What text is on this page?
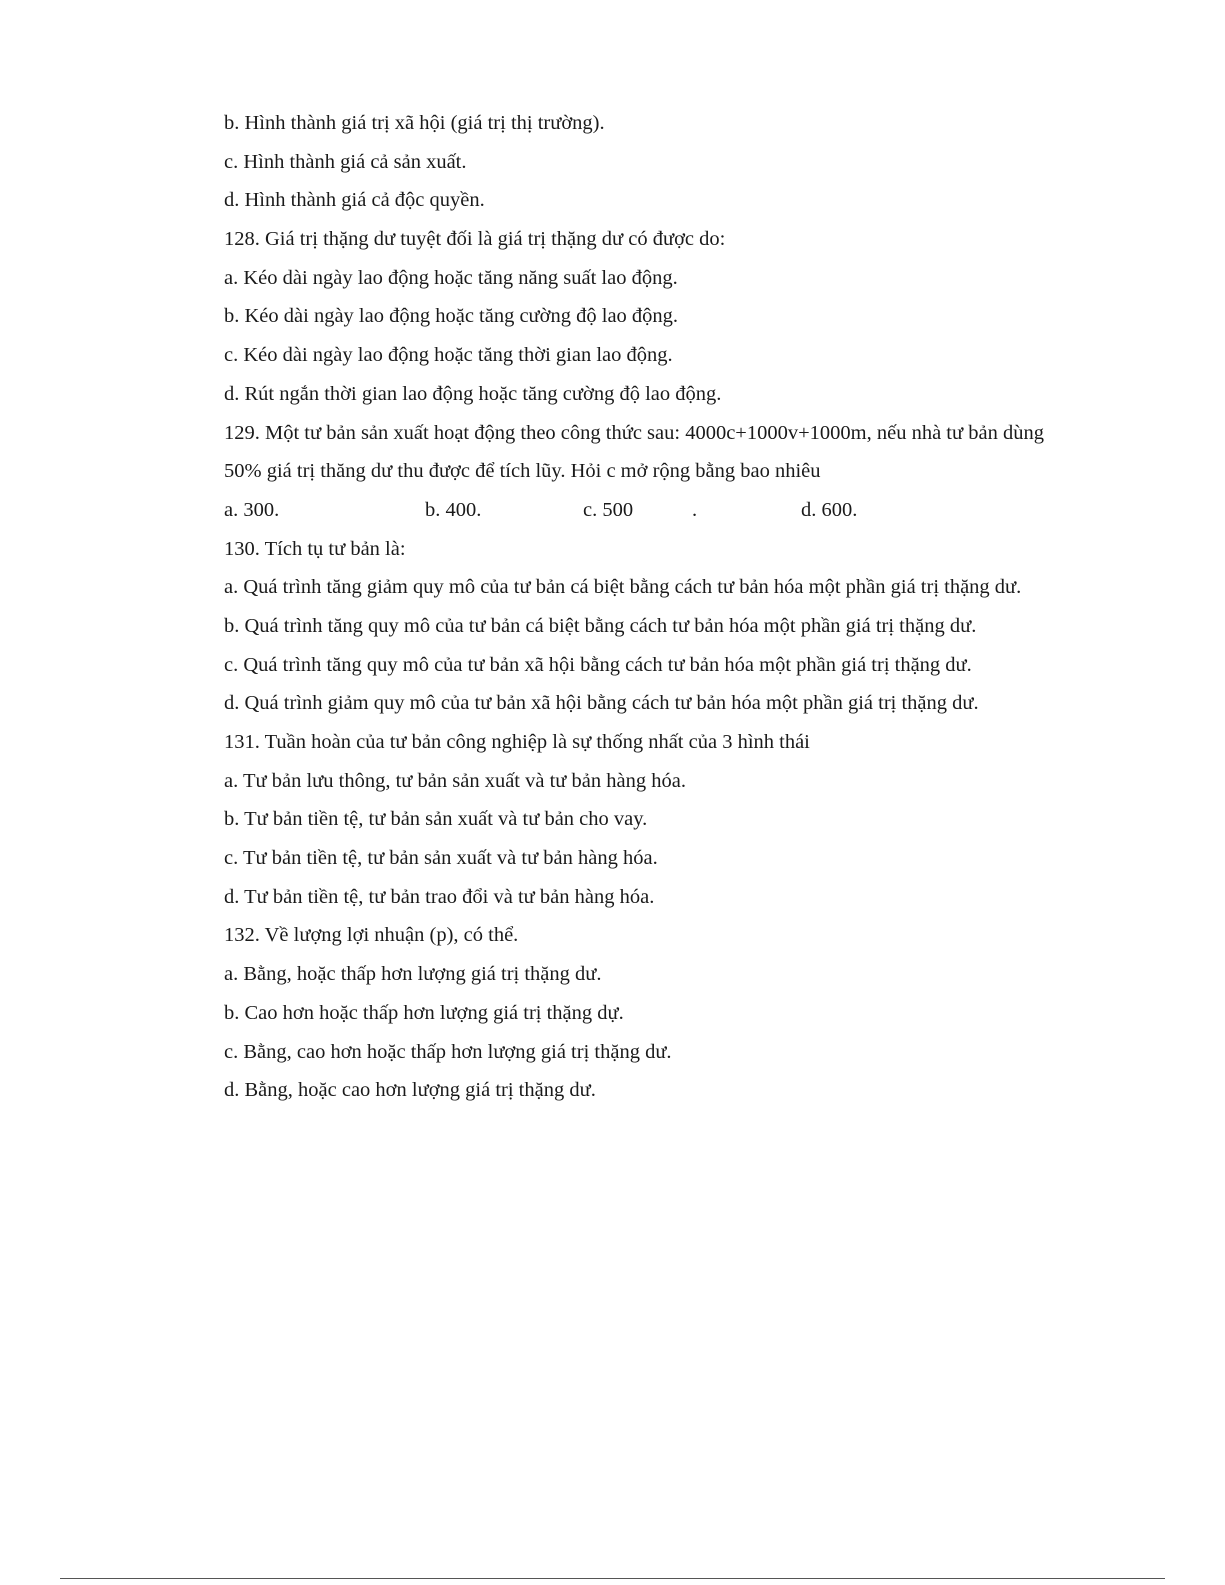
b. Hình thành giá trị xã hội (giá trị thị trường).
c. Hình thành giá cả sản xuất.
d. Hình thành giá cả độc quyền.
128. Giá trị thặng dư tuyệt đối là giá trị thặng dư có được do:
a. Kéo dài ngày lao động hoặc tăng năng suất lao động.
b. Kéo dài ngày lao động hoặc tăng cường độ lao động.
c. Kéo dài ngày lao động hoặc tăng thời gian lao động.
d. Rút ngắn thời gian lao động hoặc tăng cường độ lao động.
129. Một tư bản sản xuất hoạt động theo công thức sau: 4000c+1000v+1000m, nếu nhà tư bản dùng
50% giá trị thăng dư thu được để tích lũy. Hỏi c mở rộng bằng bao nhiêu
a. 300.	b. 400.	c. 500	.	d. 600.
130. Tích tụ tư bản là:
a. Quá trình tăng giảm quy mô của tư bản cá biệt bằng cách tư bản hóa một phần giá trị thặng dư.
b. Quá trình tăng quy mô của tư bản cá biệt bằng cách tư bản hóa một phần giá trị thặng dư.
c. Quá trình tăng quy mô của tư bản xã hội bằng cách tư bản hóa một phần giá trị thặng dư.
d. Quá trình giảm quy mô của tư bản xã hội bằng cách tư bản hóa một phần giá trị thặng dư.
131. Tuần hoàn của tư bản công nghiệp là sự thống nhất của 3 hình thái
a. Tư bản lưu thông, tư bản sản xuất và tư bản hàng hóa.
b. Tư bản tiền tệ, tư bản sản xuất và tư bản cho vay.
c. Tư bản tiền tệ, tư bản sản xuất và tư bản hàng hóa.
d. Tư bản tiền tệ, tư bản trao đổi và tư bản hàng hóa.
132. Về lượng lợi nhuận (p), có thể.
a. Bằng, hoặc thấp hơn lượng giá trị thặng dư.
b. Cao hơn hoặc thấp hơn lượng giá trị thặng dự.
c. Bằng, cao hơn hoặc thấp hơn lượng giá trị thặng dư.
d. Bằng, hoặc cao hơn lượng giá trị thặng dư.
